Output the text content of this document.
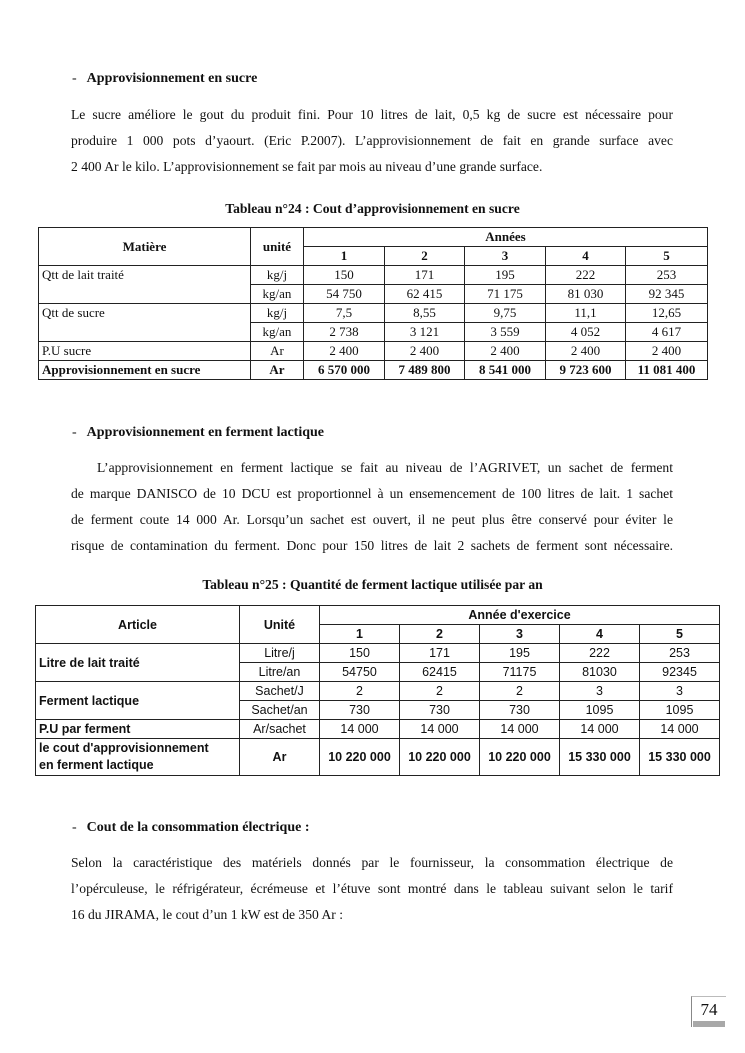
- Approvisionnement en sucre
Le sucre améliore le gout du produit fini. Pour 10 litres de lait, 0,5 kg de sucre est nécessaire pour
produire 1 000 pots d’yaourt. (Eric P.2007). L’approvisionnement de fait en grande surface avec
2 400 Ar le kilo. L’approvisionnement se fait par mois au niveau d’une grande surface.
Tableau n°24 : Cout d’approvisionnement en sucre
Matière	unité	Années				
		1	2	3	4	5
Qtt de lait traité	kg/j	150	171	195	222	253
	kg/an	54 750	62 415	71 175	81 030	92 345
Qtt de sucre	kg/j	7,5	8,55	9,75	11,1	12,65
	kg/an	2 738	3 121	3 559	4 052	4 617
P.U sucre	Ar	2 400	2 400	2 400	2 400	2 400
Approvisionnement en sucre	Ar	6 570 000	7 489 800	8 541 000	9 723 600	11 081 400
- Approvisionnement en ferment lactique
L’approvisionnement en ferment lactique se fait au niveau de l’AGRIVET, un sachet de ferment
de marque DANISCO de 10 DCU est proportionnel à un ensemencement de 100 litres de lait. 1 sachet
de ferment coute 14 000 Ar. Lorsqu’un sachet est ouvert, il ne peut plus être conservé pour éviter le
risque de contamination du ferment. Donc pour 150 litres de lait 2 sachets de ferment sont nécessaire.
Tableau n°25 : Quantité de ferment lactique utilisée par an
Article	Unité	Année d'exercice				
		1	2	3	4	5
Litre de lait traité	Litre/j	150	171	195	222	253
	Litre/an	54750	62415	71175	81030	92345
Ferment lactique	Sachet/J	2	2	2	3	3
	Sachet/an	730	730	730	1095	1095
P.U par ferment	Ar/sachet	14 000	14 000	14 000	14 000	14 000

le cout d'approvisionnement
en ferment lactique	Ar	10 220 000	10 220 000	10 220 000	15 330 000	15 330 000
- Cout de la consommation électrique :
Selon la caractéristique des matériels donnés par le fournisseur, la consommation électrique de
l’opérculeuse, le réfrigérateur, écrémeuse et l’étuve sont montré dans le tableau suivant selon le tarif
16 du JIRAMA, le cout d’un 1 kW est de 350 Ar :
74
